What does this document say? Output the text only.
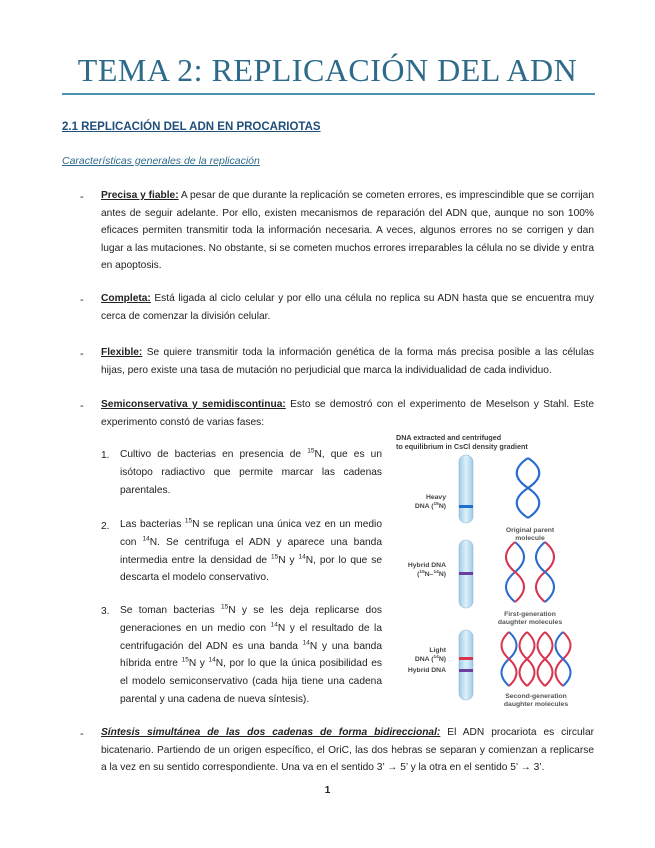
TEMA 2: REPLICACIÓN DEL ADN
2.1 REPLICACIÓN DEL ADN EN PROCARIOTAS
Características generales de la replicación
- Precisa y fiable: A pesar de que durante la replicación se cometen errores, es imprescindible que se corrijan antes de seguir adelante. Por ello, existen mecanismos de reparación del ADN que, aunque no son 100% eficaces permiten transmitir toda la información necesaria. A veces, algunos errores no se corrigen y dan lugar a las mutaciones. No obstante, si se cometen muchos errores irreparables la célula no se divide y entra en apoptosis.
- Completa: Está ligada al ciclo celular y por ello una célula no replica su ADN hasta que se encuentra muy cerca de comenzar la división celular.
- Flexible: Se quiere transmitir toda la información genética de la forma más precisa posible a las células hijas, pero existe una tasa de mutación no perjudicial que marca la individualidad de cada individuo.
- Semiconservativa y semidiscontinua: Esto se demostró con el experimento de Meselson y Stahl. Este experimento constó de varias fases:
1. Cultivo de bacterias en presencia de $^{15}$N, que es un isótopo radiactivo que permite marcar las cadenas parentales.
2. Las bacterias $^{15}$N se replican una única vez en un medio con $^{14}$N. Se centrifuga el ADN y aparece una banda intermedia entre la densidad de $^{15}$N y $^{14}$N, por lo que se descarta el modelo conservativo.
3. Se toman bacterias $^{15}$N y se les deja replicarse dos generaciones en un medio con $^{14}$N y el resultado de la centrifugación del ADN es una banda $^{14}$N y una banda híbrida entre $^{15}$N y $^{14}$N, por lo que la única posibilidad es el modelo semiconservativo (cada hija tiene una cadena parental y una cadena de nueva síntesis).
DNA extracted and centrifuged
to equilibrium in CsCl density gradient
Heavy
DNA ($^{15}$N)
Original parent
molecule
Hybrid DNA
($^{15}$N–$^{14}$N)
First-generation
daughter molecules
Light
DNA ($^{14}$N)
Hybrid DNA
Second-generation
daughter molecules
- Síntesis simultánea de las dos cadenas de forma bidireccional: El ADN procariota es circular bicatenario. Partiendo de un origen específico, el OriC, las dos hebras se separan y comienzan a replicarse a la vez en su sentido correspondiente. Una va en el sentido 3’ → 5’ y la otra en el sentido 5’ → 3’.
1
